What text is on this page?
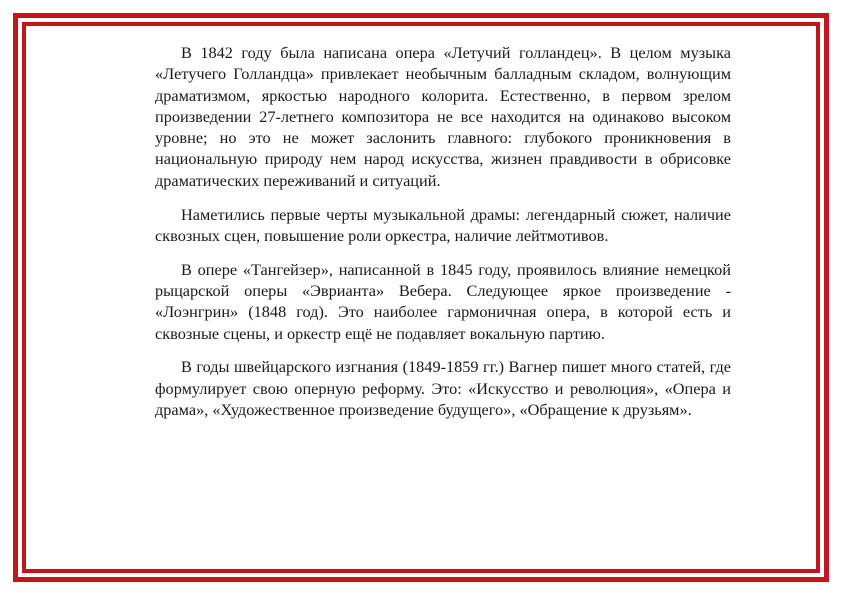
В 1842 году была написана опера «Летучий голландец». В целом музыка «Летучего Голландца» привлекает необычным балладным складом, волнующим драматизмом, яркостью народного колорита. Естественно, в первом зрелом произведении 27-летнего композитора не все находится на одинаково высоком уровне; но это не может заслонить главного: глубокого проникновения в национальную природу нем народ искусства, жизнен правдивости в обрисовке драматических переживаний и ситуаций.

Наметились первые черты музыкальной драмы: легендарный сюжет, наличие сквозных сцен, повышение роли оркестра, наличие лейтмотивов.

В опере «Тангейзер», написанной в 1845 году, проявилось влияние немецкой рыцарской оперы «Эврианта» Вебера. Следующее яркое произведение - «Лоэнгрин» (1848 год). Это наиболее гармоничная опера, в которой есть и сквозные сцены, и оркестр ещё не подавляет вокальную партию.

В годы швейцарского изгнания (1849-1859 гг.) Вагнер пишет много статей, где формулирует свою оперную реформу. Это: «Искусство и революция», «Опера и драма», «Художественное произведение будущего», «Обращение к друзьям».
